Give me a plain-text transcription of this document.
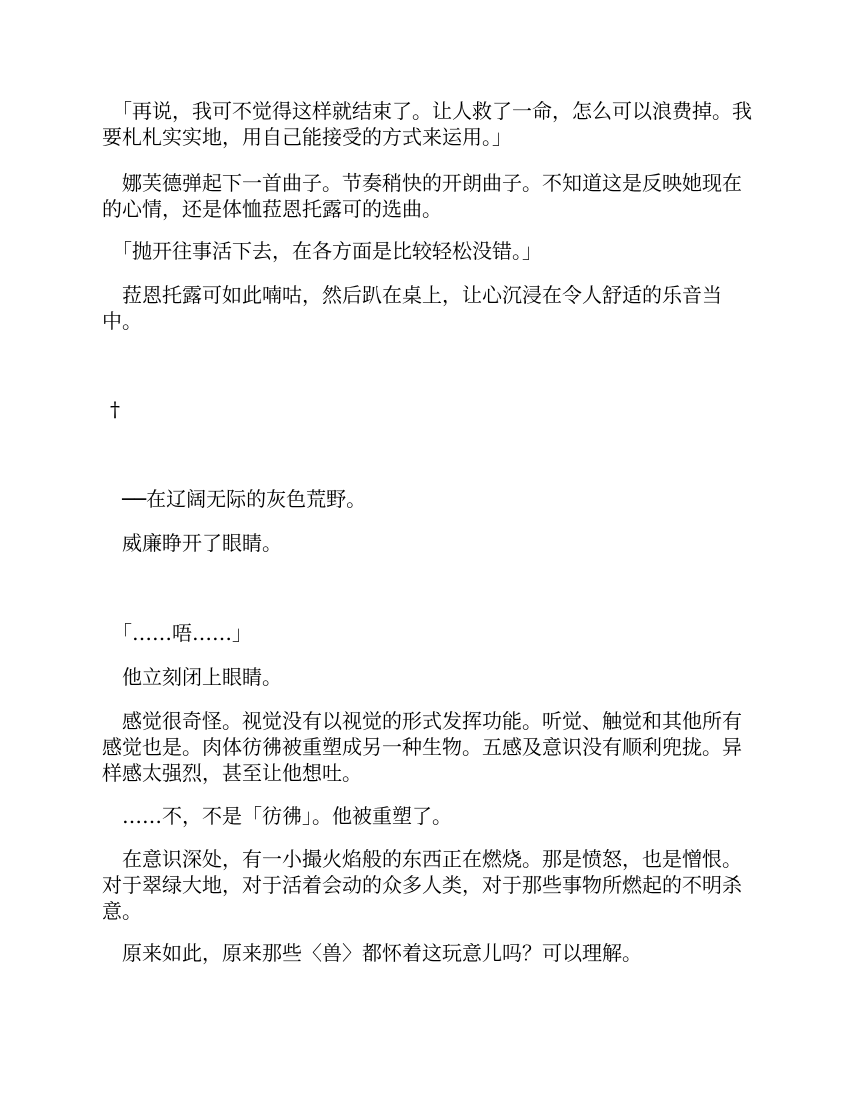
　「再说，我可不觉得这样就结束了。让人救了一命，怎么可以浪费掉。我要札札实实地，用自己能接受的方式来运用。」

　娜芙德弹起下一首曲子。节奏稍快的开朗曲子。不知道这是反映她现在的心情，还是体恤菈恩托露可的选曲。

　「抛开往事活下去，在各方面是比较轻松没错。」

　菈恩托露可如此喃咕，然后趴在桌上，让心沉浸在令人舒适的乐音当中。

†

　──在辽阔无际的灰色荒野。

　威廉睁开了眼睛。

　「……唔……」

　他立刻闭上眼睛。

　感觉很奇怪。视觉没有以视觉的形式发挥功能。听觉、触觉和其他所有感觉也是。肉体彷彿被重塑成另一种生物。五感及意识没有顺利兜拢。异样感太强烈，甚至让他想吐。

　……不，不是「彷彿」。他被重塑了。

　在意识深处，有一小撮火焰般的东西正在燃烧。那是愤怒，也是憎恨。对于翠绿大地，对于活着会动的众多人类，对于那些事物所燃起的不明杀意。

　原来如此，原来那些〈兽〉都怀着这玩意儿吗？可以理解。
